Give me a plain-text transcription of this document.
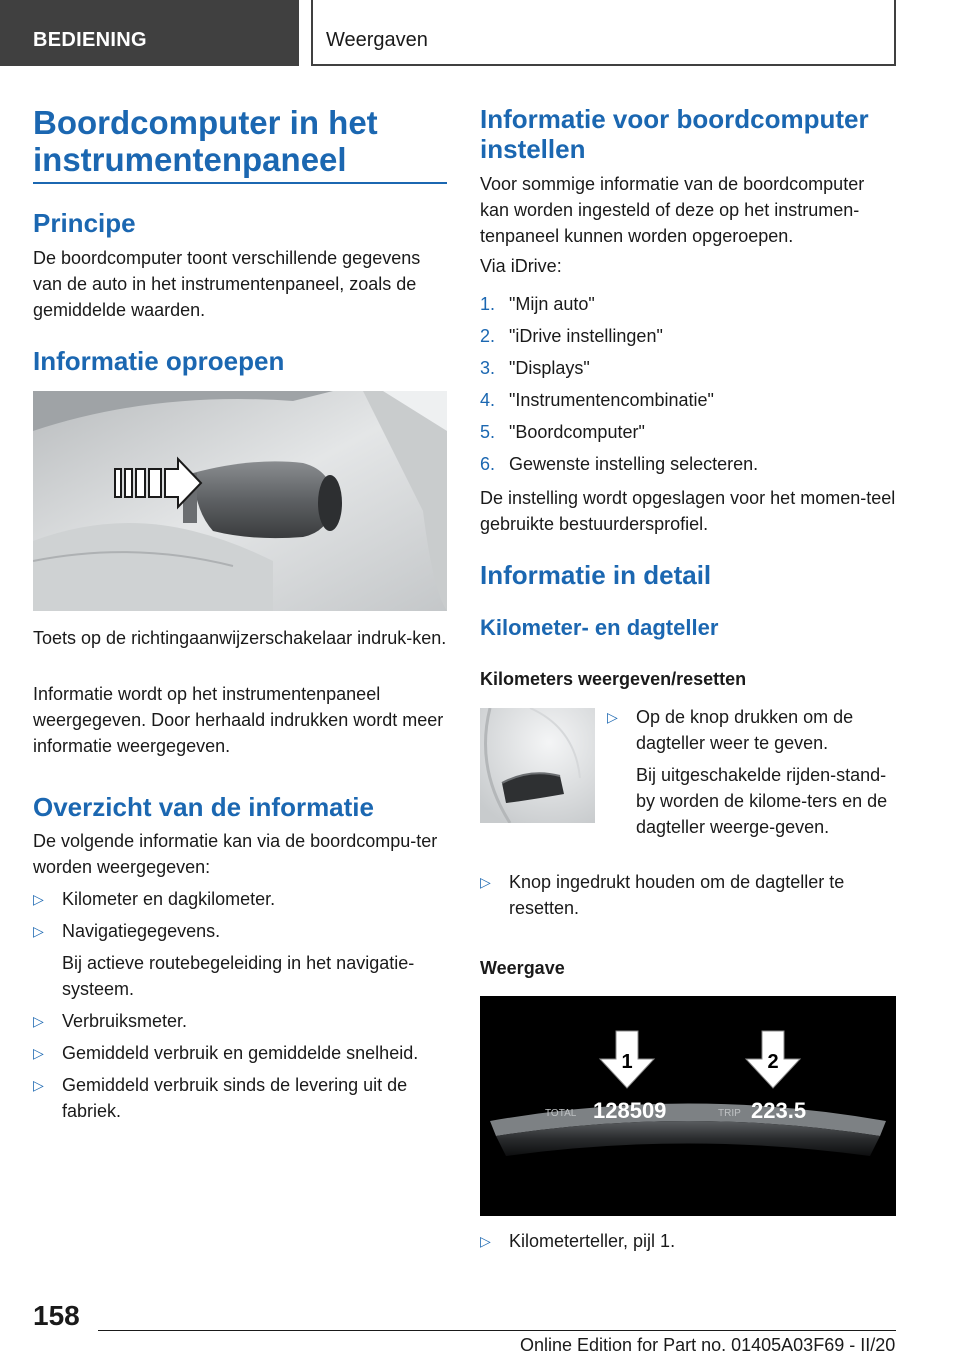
BEDIENING	Weergaven
Boordcomputer in het instrumentenpaneel
Principe
De boordcomputer toont verschillende gegevens van de auto in het instrumentenpaneel, zoals de gemiddelde waarden.
Informatie oproepen
Toets op de richtingaanwijzerschakelaar indruk-ken.
Informatie wordt op het instrumentenpaneel weergegeven. Door herhaald indrukken wordt meer informatie weergegeven.
Overzicht van de informatie
De volgende informatie kan via de boordcompu-ter worden weergegeven:
▷ Kilometer en dagkilometer.
▷ Navigatiegegevens.
Bij actieve routebegeleiding in het navigatie-systeem.
▷ Verbruiksmeter.
▷ Gemiddeld verbruik en gemiddelde snelheid.
▷ Gemiddeld verbruik sinds de levering uit de fabriek.
Informatie voor boordcomputer instellen
Voor sommige informatie van de boordcomputer kan worden ingesteld of deze op het instrumen-tenpaneel kunnen worden opgeroepen.
Via iDrive:
1. "Mijn auto"
2. "iDrive instellingen"
3. "Displays"
4. "Instrumentencombinatie"
5. "Boordcomputer"
6. Gewenste instelling selecteren.
De instelling wordt opgeslagen voor het momen-teel gebruikte bestuurdersprofiel.
Informatie in detail
Kilometer- en dagteller
Kilometers weergeven/resetten
▷ Op de knop drukken om de dagteller weer te geven.
Bij uitgeschakelde rijden-stand-by worden de kilome-ters en de dagteller weerge-geven.
▷ Knop ingedrukt houden om de dagteller te resetten.
Weergave
1	2
TOTAL 128509	TRIP 223.5
▷ Kilometerteller, pijl 1.
158
Online Edition for Part no. 01405A03F69 - II/20
